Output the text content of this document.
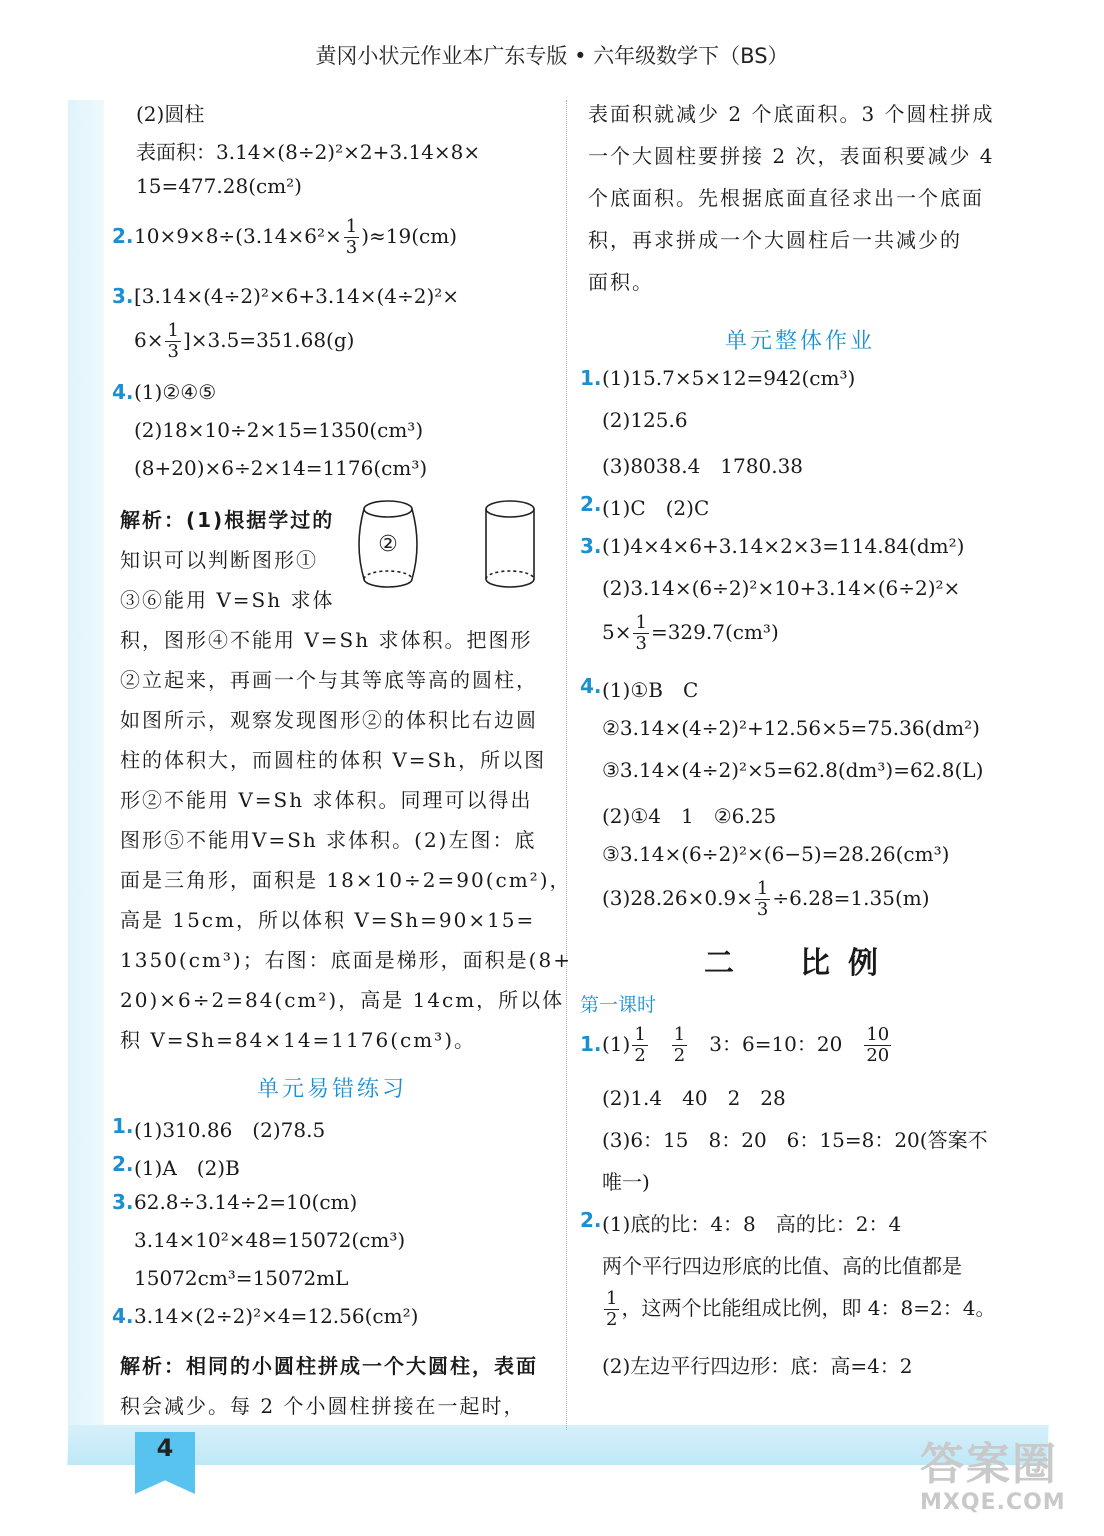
黄冈小状元作业本广东专版 • 六年级数学下（BS）
(2)圆柱
表面积：3.14×(8÷2)²×2+3.14×8×
15=477.28(cm²)
2. $10\times 9\times 8\div(3.14\times 6^2\times \frac{1}{3} )\approx 19(cm)$
3. [3.14×(4÷2)²×6+3.14×(4÷2)²×
$6\times \frac{1}{3} ]\times 3.5=351.68(g)$
4. (1)②④⑤
(2)18×10÷2×15=1350(cm³)
(8+20)×6÷2×14=1176(cm³)
解析：(1)根据学过的
知识可以判断图形①
③⑥能用 V=Sh 求体
积，图形④不能用 V=Sh 求体积。把图形
②立起来，再画一个与其等底等高的圆柱，
如图所示，观察发现图形②的体积比右边圆
柱的体积大，而圆柱的体积 V=Sh，所以图
形②不能用 V=Sh 求体积。同理可以得出
图形⑤不能用V=Sh 求体积。(2)左图：底
面是三角形，面积是 18×10÷2=90(cm²)，
高是 15cm，所以体积 V=Sh=90×15=
1350(cm³)；右图：底面是梯形，面积是(8+
20)×6÷2=84(cm²)，高是 14cm，所以体
积 V=Sh=84×14=1176(cm³)。
单元易错练习
1. (1)310.86　(2)78.5
2. (1)A　(2)B
3. 62.8÷3.14÷2=10(cm)
3.14×10²×48=15072(cm³)
15072cm³=15072mL
4. 3.14×(2÷2)²×4=12.56(cm²)
解析：相同的小圆柱拼成一个大圆柱，表面
积会减少。每 2 个小圆柱拼接在一起时，
②
表面积就减少 2 个底面积。3 个圆柱拼成
一个大圆柱要拼接 2 次，表面积要减少 4
个底面积。先根据底面直径求出一个底面
积，再求拼成一个大圆柱后一共减少的
面积。
单元整体作业
1. (1)15.7×5×12=942(cm³)
(2)125.6
(3)8038.4　1780.38
2. (1)C　(2)C
3. (1)4×4×6+3.14×2×3=114.84(dm²)
(2)3.14×(6÷2)²×10+3.14×(6÷2)²×
$5\times \frac{1}{3} =329.7(cm^3)$
4. (1)①B　C
②3.14×(4÷2)²+12.56×5=75.36(dm²)
③3.14×(4÷2)²×5=62.8(dm³)=62.8(L)
(2)①4　1　②6.25
③3.14×(6÷2)²×(6−5)=28.26(cm³)
$(3)28.26\times 0.9\times \frac{1}{3} \div 6.28=1.35(m)$
二　比例
第一课时
1. $(1) \frac{1}{2}$
　 $\frac{1}{2}$
　 3：6=10：20　 $\frac{10}{20}$
(2)1.4　40　2　28
(3)6：15　8：20　6：15=8：20(答案不
唯一)
2. (1)底的比：4：8　高的比：2：4
两个平行四边形底的比值、高的比值都是
$\frac{1}{2}$ ，这两个比能组成比例，即 4：8=2：4。
(2)左边平行四边形：底：高=4：2
4	答案圈
MXQE.COM
